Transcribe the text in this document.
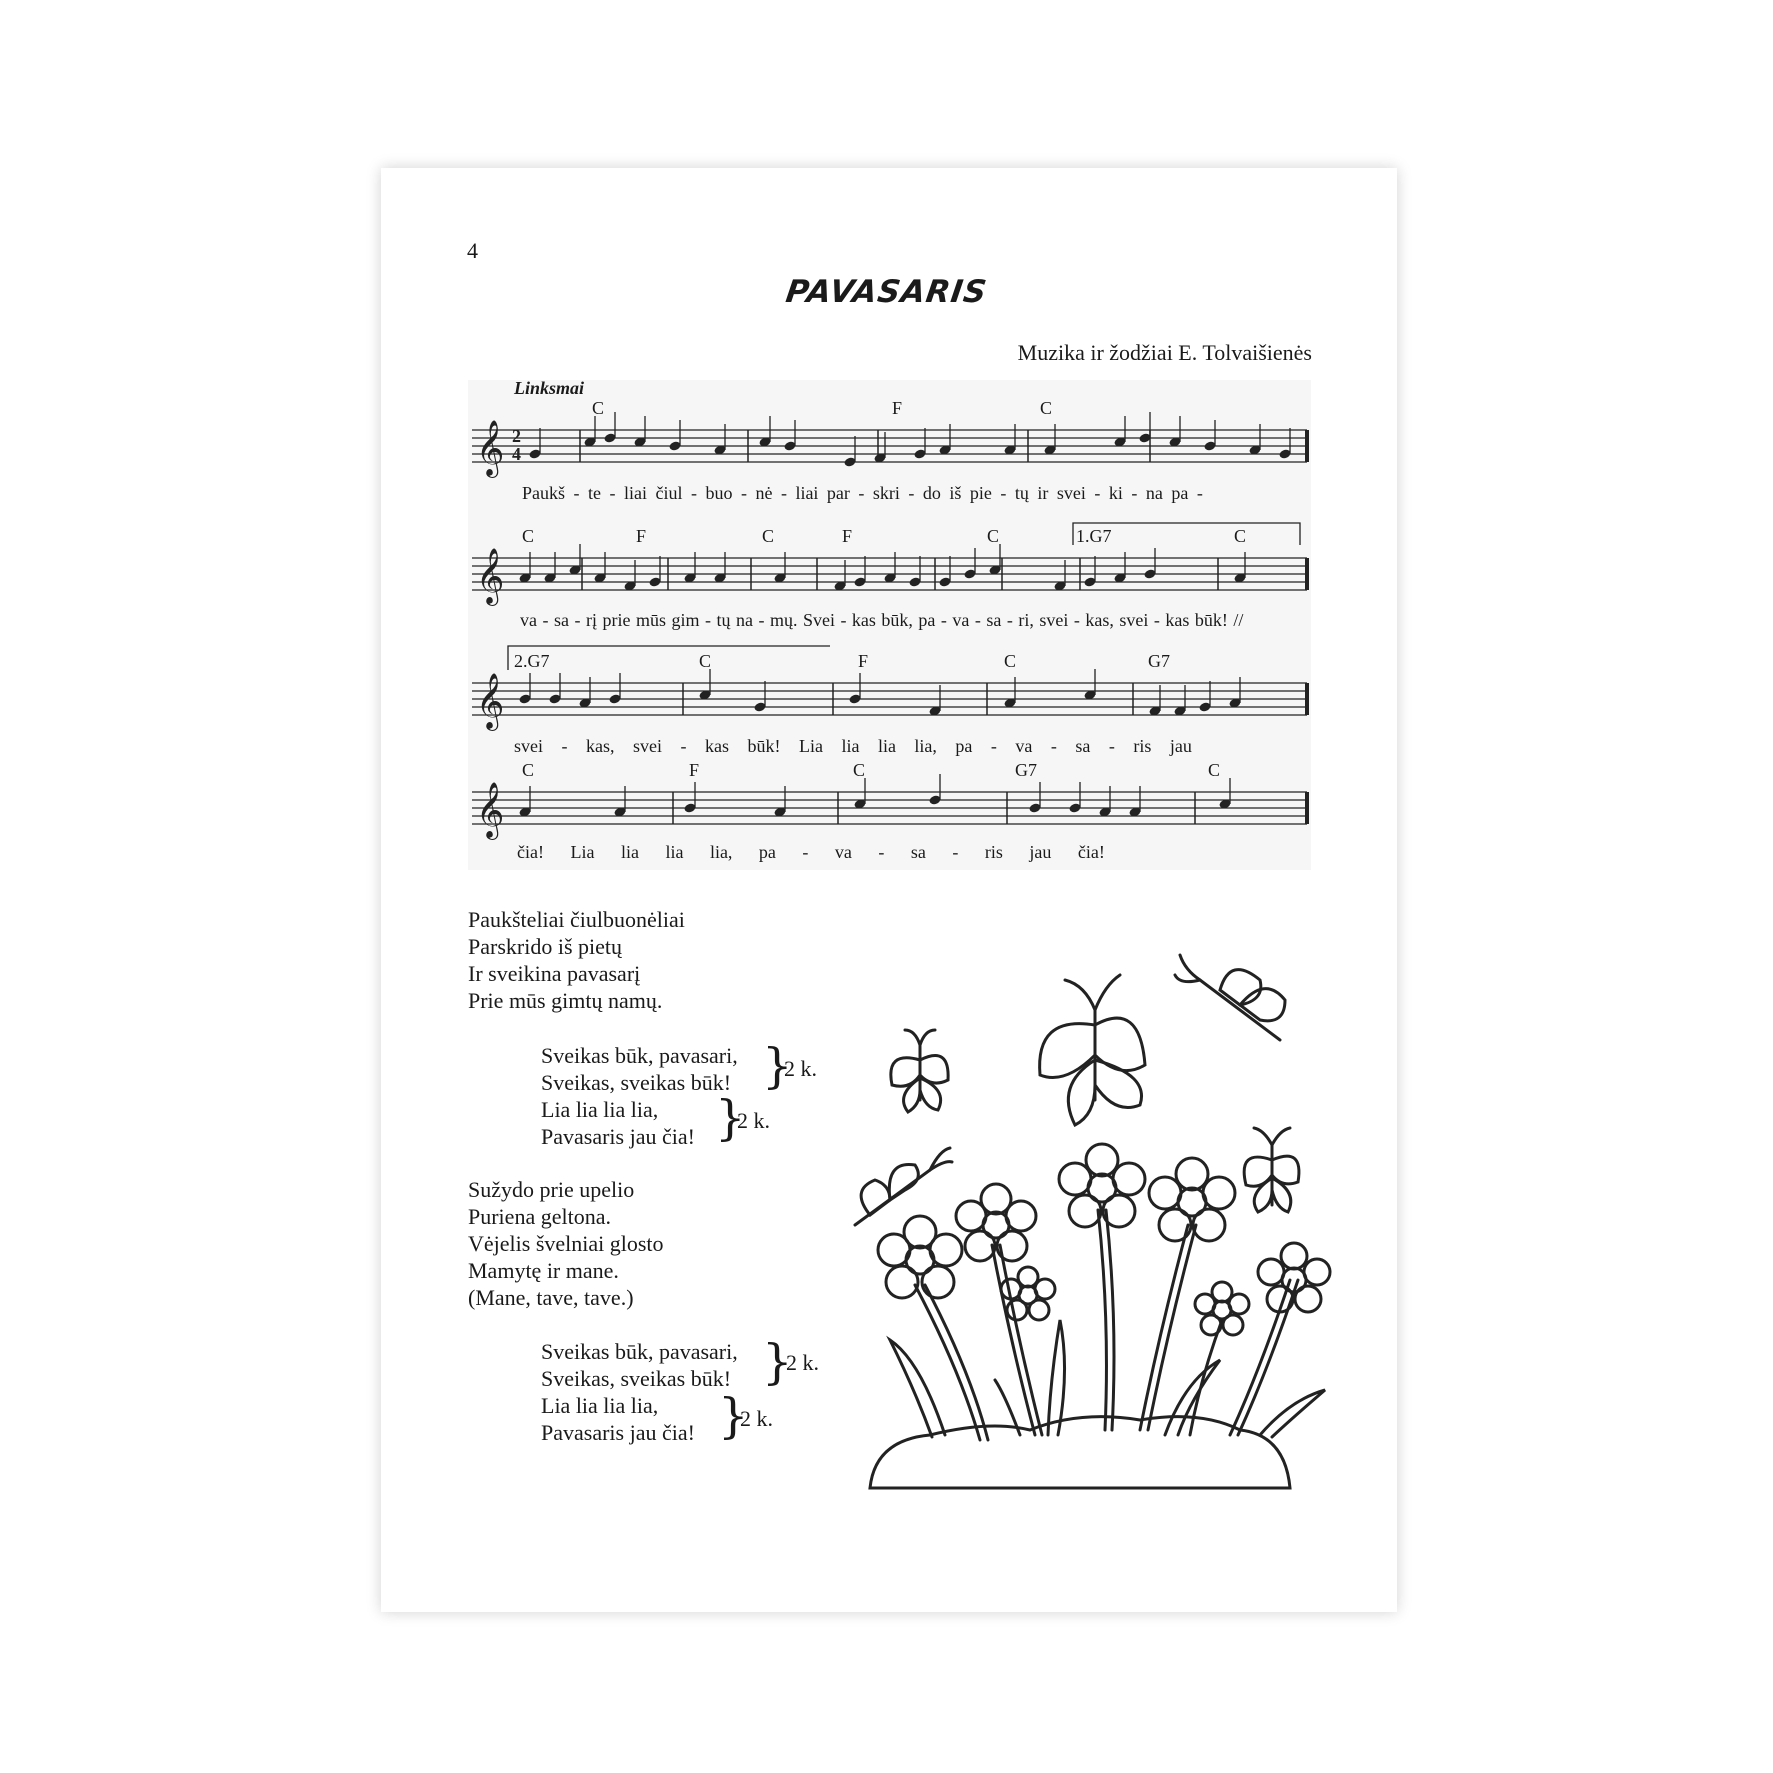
4
PAVASARIS
Muzika ir žodžiai E. Tolvaišienės
Linksmai
𝄞
𝄞
𝄞
𝄞
2
4
C	F	C
C	F	C	F	C	1.G7	C
2.G7	C	F	C	G7
C	F	C	G7	C
Paukš - te - liai čiul - buo - nė - liai par - skri - do iš pie - tų ir svei - ki - na pa -
va - sa - rį prie mūs gim - tų na - mų. Svei - kas būk, pa - va - sa - ri, svei - kas, svei - kas būk! //
svei - kas, svei - kas būk! Lia lia lia lia, pa - va - sa - ris jau
čia! Lia lia lia lia, pa - va - sa - ris jau čia!
Paukšteliai čiulbuonėliai
Parskrido iš pietų
Ir sveikina pavasarį
Prie mūs gimtų namų.
Sveikas būk, pavasari,
Sveikas, sveikas būk!
Lia lia lia lia,
Pavasaris jau čia!
}
2 k.
}
2 k.
Sužydo prie upelio
Puriena geltona.
Vėjelis švelniai glosto
Mamytę ir mane.
(Mane, tave, tave.)
Sveikas būk, pavasari,
Sveikas, sveikas būk!
Lia lia lia lia,
Pavasaris jau čia!
}
2 k.
}
2 k.
